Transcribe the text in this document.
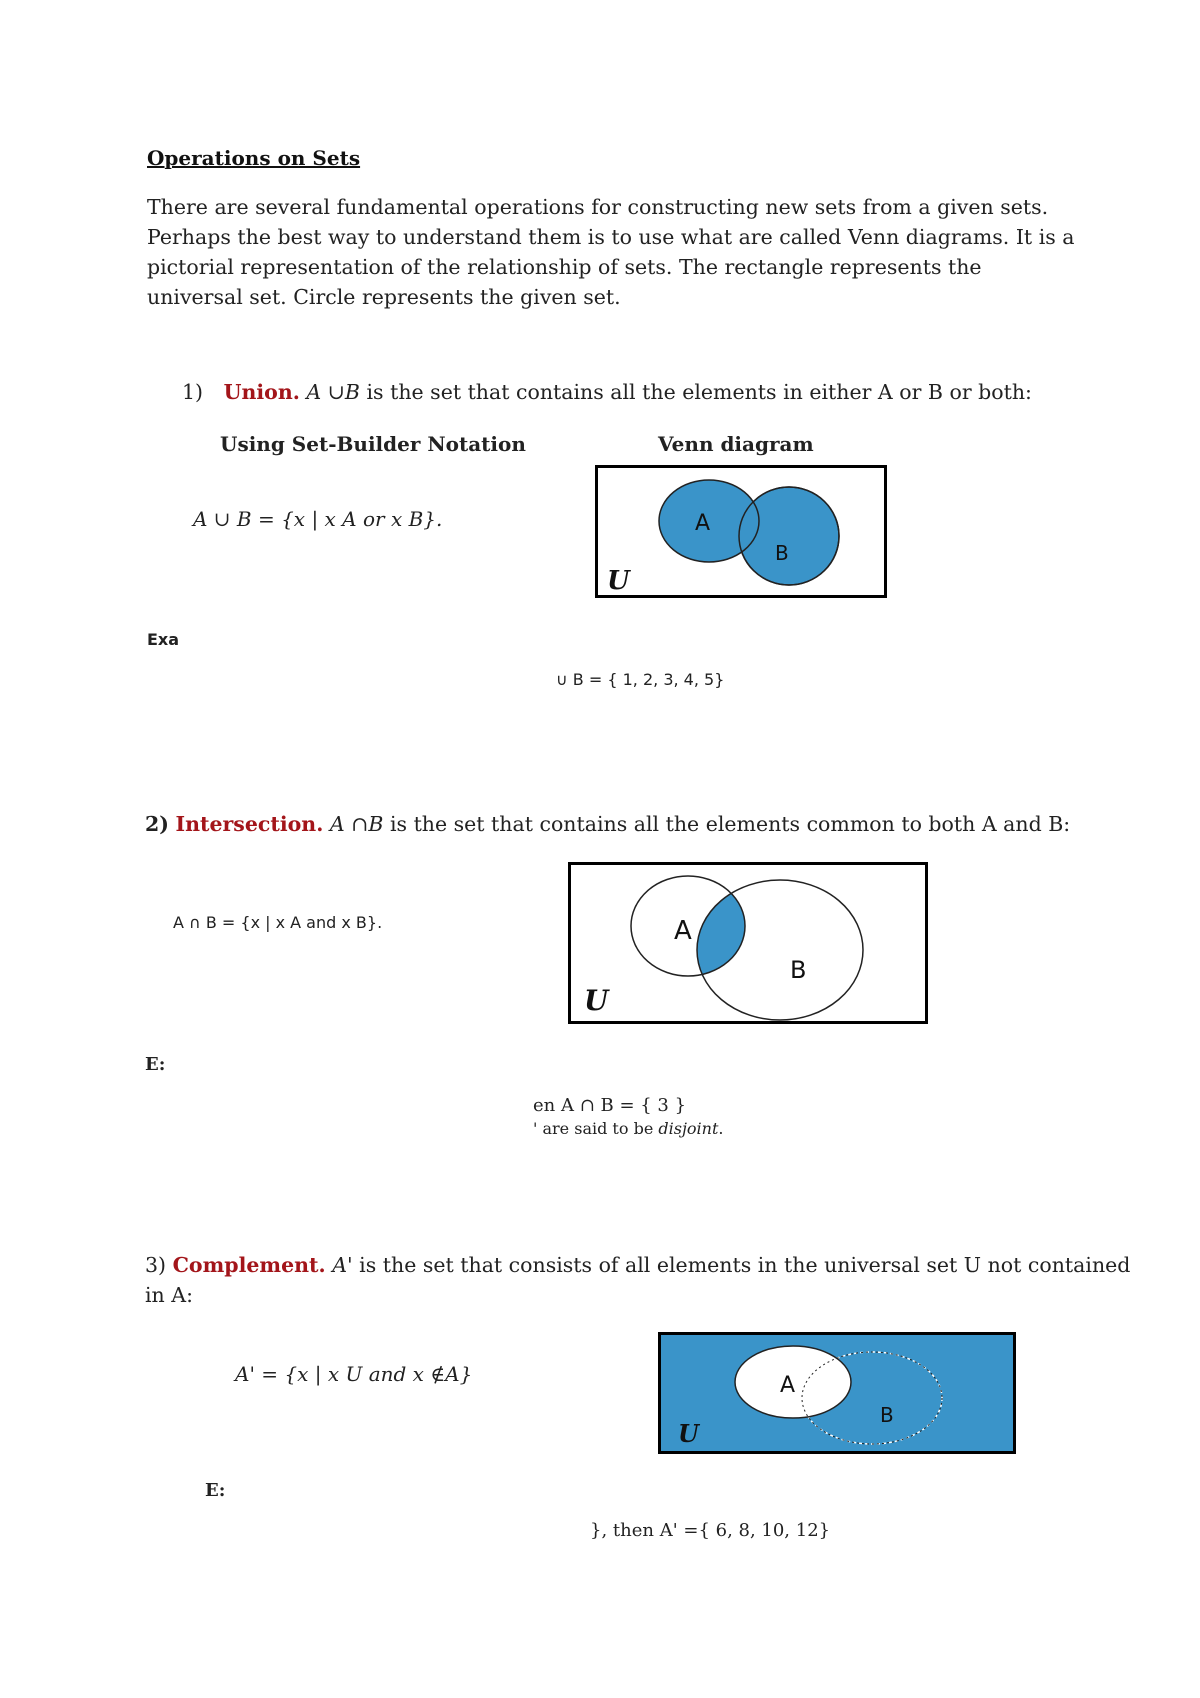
Operations on Sets
There are several fundamental operations for constructing new sets from a given sets. Perhaps the best way to understand them is to use what are called Venn diagrams. It is a pictorial representation of the relationship of sets. The rectangle represents the universal set. Circle represents the given set.
1) Union. A ∪B is the set that contains all the elements in either A or B or both:
Using Set-Builder Notation	Venn diagram
A ∪ B = {x | x A or x B}.	A
B
U
Exa
∪ B = { 1, 2, 3, 4, 5}
2) Intersection. A ∩B is the set that contains all the elements common to both A and B:
A ∩ B = {x | x A and x B}.	A
B
U
E:
en A ∩ B = { 3 }
' are said to be disjoint.
3) Complement. A' is the set that consists of all elements in the universal set U not contained
in A:
A' = {x | x U and x ∉A}	A
B
U
E:
}, then A' ={ 6, 8, 10, 12}
